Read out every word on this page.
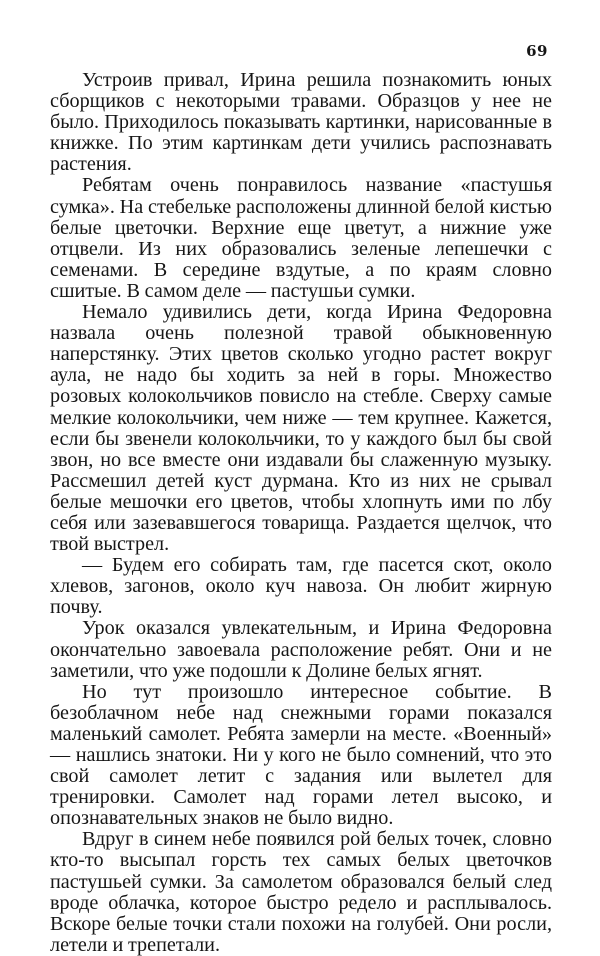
69

Устроив привал, Ирина решила познакомить юных сборщиков с некоторыми травами. Образцов у нее не было. Приходилось показывать картинки, нарисованные в книжке. По этим картинкам дети учились распознавать растения.

Ребятам очень понравилось название «пастушья сумка». На стебельке расположены длинной белой кистью белые цветочки. Верхние еще цветут, а нижние уже отцвели. Из них образовались зеленые лепешечки с семенами. В середине вздутые, а по краям словно сшитые. В самом деле — пастушьи сумки.

Немало удивились дети, когда Ирина Федоровна назвала очень полезной травой обыкновенную наперстянку. Этих цветов сколько угодно растет вокруг аула, не надо бы ходить за ней в горы. Множество розовых колокольчиков повисло на стебле. Сверху самые мелкие колокольчики, чем ниже — тем крупнее. Кажется, если бы звенели колокольчики, то у каждого был бы свой звон, но все вместе они издавали бы слаженную музыку. Рассмешил детей куст дурмана. Кто из них не срывал белые мешочки его цветов, чтобы хлопнуть ими по лбу себя или зазевавшегося товарища. Раздается щелчок, что твой выстрел.

— Будем его собирать там, где пасется скот, около хлевов, загонов, около куч навоза. Он любит жирную почву.

Урок оказался увлекательным, и Ирина Федоровна окончательно завоевала расположение ребят. Они и не заметили, что уже подошли к Долине белых ягнят.

Но тут произошло интересное событие. В безоблачном небе над снежными горами показался маленький самолет. Ребята замерли на месте. «Военный» — нашлись знатоки. Ни у кого не было сомнений, что это свой самолет летит с задания или вылетел для тренировки. Самолет над горами летел высоко, и опознавательных знаков не было видно.

Вдруг в синем небе появился рой белых точек, словно кто-то высыпал горсть тех самых белых цветочков пастушьей сумки. За самолетом образовался белый след вроде облачка, которое быстро редело и расплывалось. Вскоре белые точки стали похожи на голубей. Они росли, летели и трепетали.
